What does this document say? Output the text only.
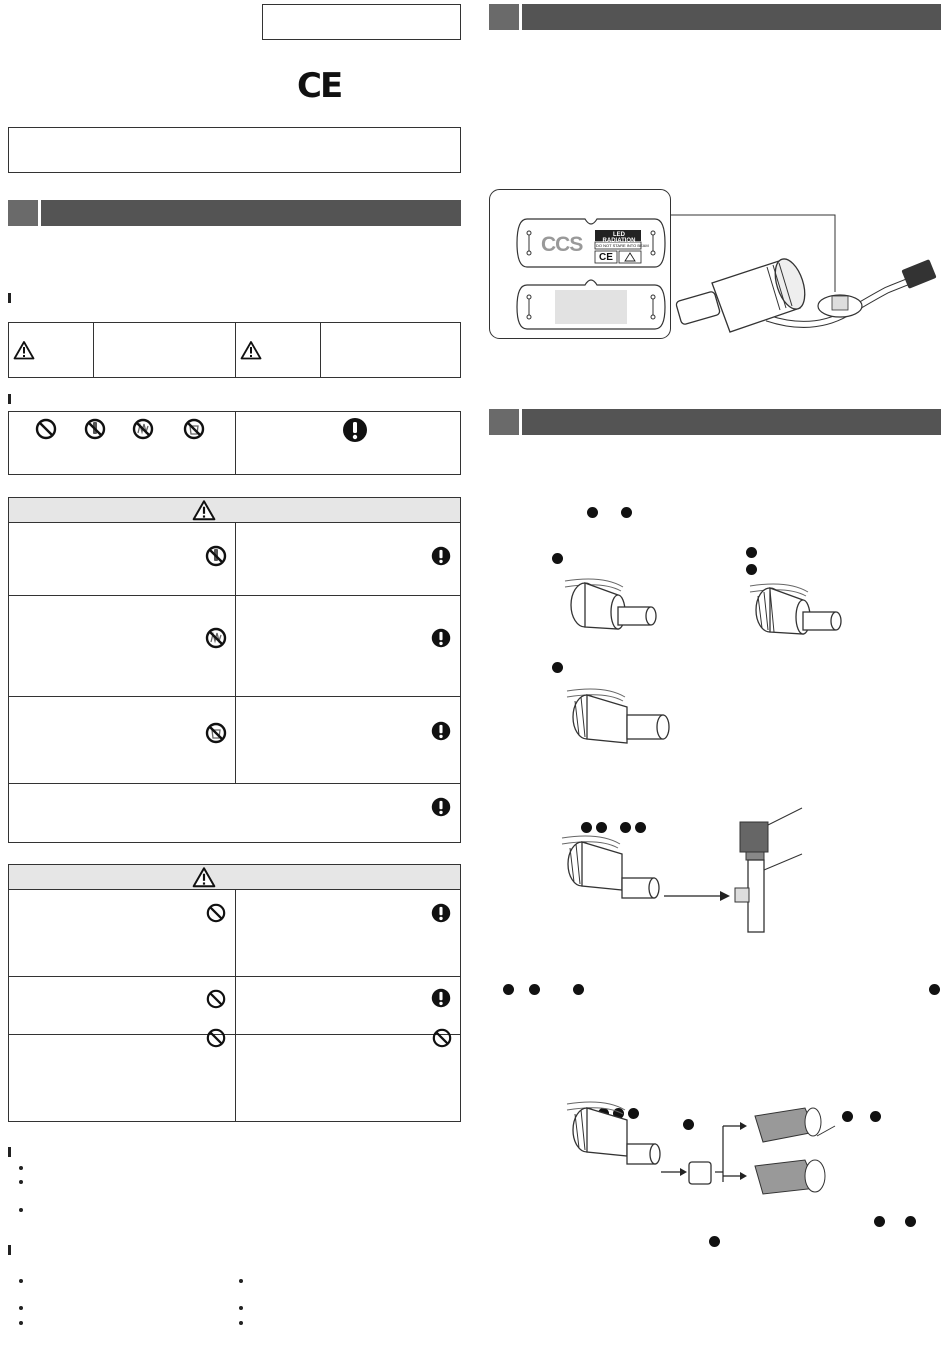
CE
CCS	LED RADIATION
DO NOT STARE INTO BEAM
CE
